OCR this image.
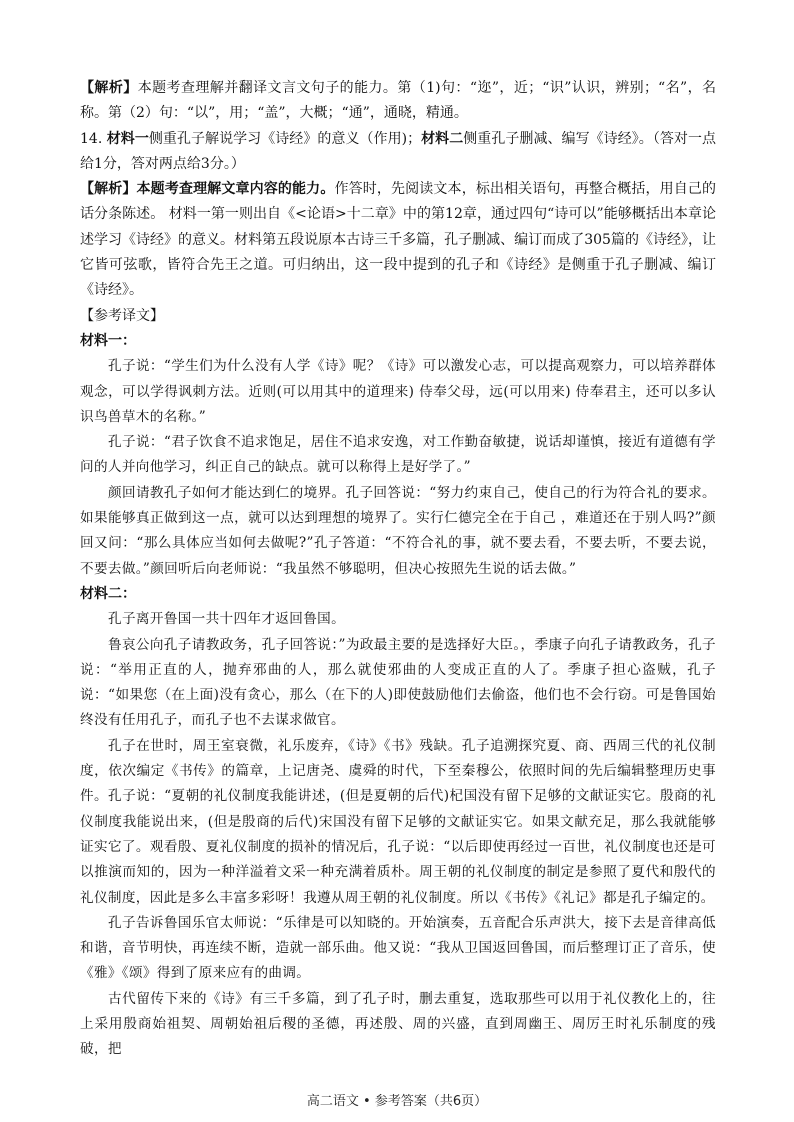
【解析】本题考查理解并翻译文言文句子的能力。第（1)句：“迩”，近；“识”认识，辨别；“名”，名称。第（2）句：“以”，用；“盖”，大概；“通”，通晓，精通。

14. 材料一侧重孔子解说学习《诗经》的意义（作用)；材料二侧重孔子删减、编写《诗经》。（答对一点给1分，答对两点给3分。）

【解析】本题考查理解文章内容的能力。作答时，先阅读文本，标出相关语句，再整合概括，用自己的话分条陈述。 材料一第一则出自《<论语>十二章》中的第12章，通过四句“诗可以”能够概括出本章论述学习《诗经》的意义。材料第五段说原本古诗三千多篇，孔子删减、编订而成了305篇的《诗经》，让它皆可弦歌，皆符合先王之道。可归纳出，这一段中提到的孔子和《诗经》是侧重于孔子删减、编订《诗经》。

【参考译文】

材料一：

孔子说：“学生们为什么没有人学《诗》呢？《诗》可以激发心志，可以提高观察力，可以培养群体观念，可以学得讽刺方法。近则(可以用其中的道理来) 侍奉父母，远(可以用来) 侍奉君主，还可以多认识鸟兽草木的名称。”

孔子说：“君子饮食不追求饱足，居住不追求安逸，对工作勤奋敏捷，说话却谨慎，接近有道德有学问的人并向他学习，纠正自己的缺点。就可以称得上是好学了。”

颜回请教孔子如何才能达到仁的境界。孔子回答说：“努力约束自己，使自己的行为符合礼的要求。如果能够真正做到这一点，就可以达到理想的境界了。实行仁德完全在于自己 ，难道还在于别人吗?”颜回又问：“那么具体应当如何去做呢?”孔子答道：“不符合礼的事，就不要去看，不要去听，不要去说，不要去做。”颜回听后向老师说：“我虽然不够聪明，但决心按照先生说的话去做。”

材料二：

孔子离开鲁国一共十四年才返回鲁国。

鲁哀公向孔子请教政务，孔子回答说：”为政最主要的是选择好大臣。，季康子向孔子请教政务，孔子说：“举用正直的人，抛弃邪曲的人，那么就使邪曲的人变成正直的人了。季康子担心盗贼，孔子说：“如果您（在上面)没有贪心，那么（在下的人)即使鼓励他们去偷盗，他们也不会行窃。可是鲁国始终没有任用孔子，而孔子也不去谋求做官。

孔子在世时，周王室衰微，礼乐废弃，《诗》《书》残缺。孔子追溯探究夏、商、西周三代的礼仪制度，依次编定《书传》的篇章，上记唐尧、虞舜的时代，下至秦穆公，依照时间的先后编辑整理历史事件。孔子说：“夏朝的礼仪制度我能讲述，(但是夏朝的后代)杞国没有留下足够的文献证实它。殷商的礼仪制度我能说出来，(但是殷商的后代)宋国没有留下足够的文献证实它。如果文献充足，那么我就能够证实它了。观看殷、夏礼仪制度的损补的情况后，孔子说：“以后即使再经过一百世，礼仪制度也还是可以推演而知的，因为一种洋溢着文采一种充满着质朴。周王朝的礼仪制度的制定是参照了夏代和殷代的礼仪制度，因此是多么丰富多彩呀！我遵从周王朝的礼仪制度。所以《书传》《礼记》都是孔子编定的。

孔子告诉鲁国乐官太师说：“乐律是可以知晓的。开始演奏，五音配合乐声洪大，接下去是音律高低和谐，音节明快，再连续不断，造就一部乐曲。他又说：“我从卫国返回鲁国，而后整理订正了音乐，使《雅》《颂》得到了原来应有的曲调。

古代留传下来的《诗》有三千多篇，到了孔子时，删去重复，选取那些可以用于礼仪教化上的，往上采用殷商始祖契、周朝始祖后稷的圣德，再述殷、周的兴盛，直到周幽王、周厉王时礼乐制度的残破，把

高二语文 • 参考答案（共6页）
